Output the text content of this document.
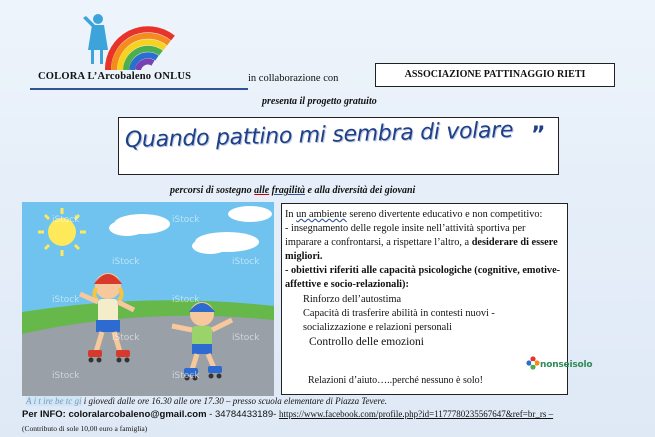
COLORA L’Arcobaleno ONLUS	in collaborazione con	ASSOCIAZIONE PATTINAGGIO RIETI
presenta il progetto gratuito
Quando pattino mi sembra di volare ”
percorsi di sostegno alle fragilità e alla diversità dei giovani
iStock	iStock
iStock	iStock
iStock	iStock
iStock	iStock
iStock	iStock
In un ambiente sereno divertente educativo e non competitivo:
- insegnamento delle regole insite nell’attività sportiva per imparare a confrontarsi, a rispettare l’altro, a desiderare di essere migliori.
- obiettivi riferiti alle capacità psicologiche (cognitive, emotive-affettive e socio-relazionali):
Rinforzo dell’autostima
Capacità di trasferire abilità in contesti nuovi -
socializzazione e relazioni personali
Controllo delle emozioni
nonseisolo
Relazioni d’aiuto…..perché nessuno è solo!
A i t ire be tc gi i giovedì dalle ore 16.30 alle ore 17.30 – presso scuola elementare di Piazza Tevere.
Per INFO: coloralarcobaleno@gmail.com - 34784433189- https://www.facebook.com/profile.php?id=1177780235567647&ref=br_rs –
(Contributo di sole 10,00 euro a famiglia)
